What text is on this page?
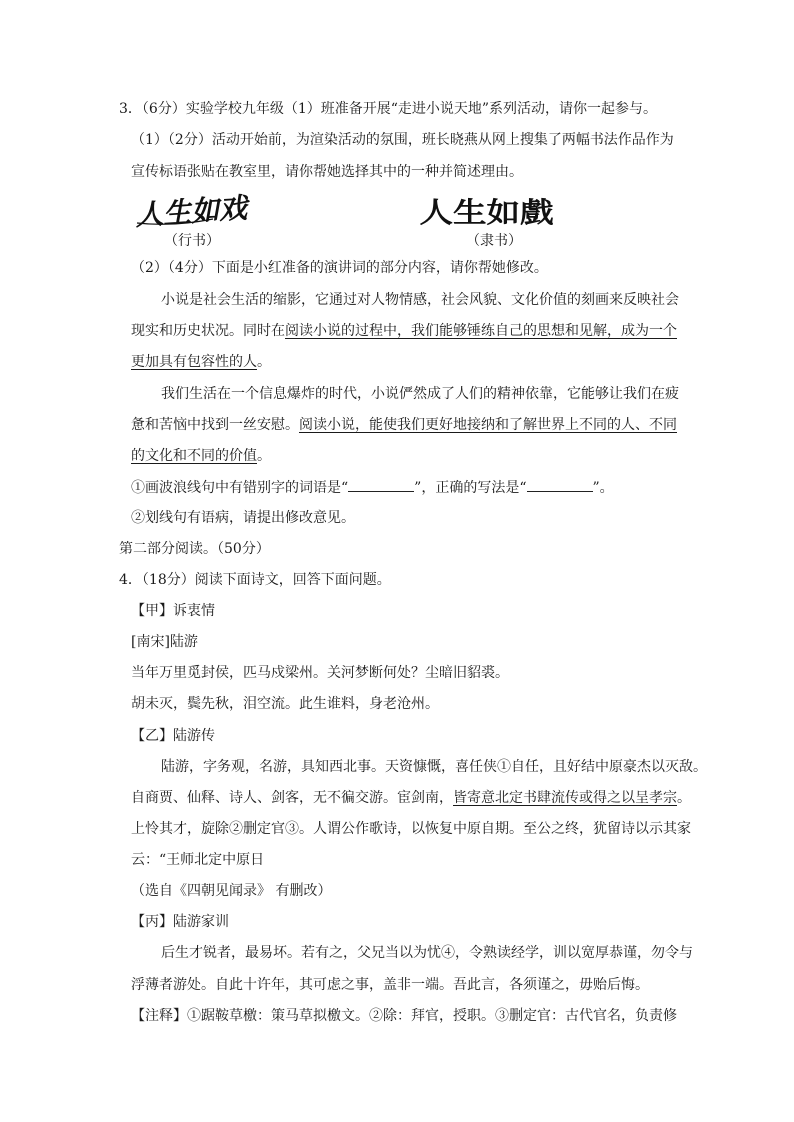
3．（6分）实验学校九年级（1）班准备开展“走进小说天地”系列活动，请你一起参与。
（1）（2分）活动开始前，为渲染活动的氛围，班长晓燕从网上搜集了两幅书法作品作为
宣传标语张贴在教室里，请你帮她选择其中的一种并简述理由。
人生如戏
（行书）
人生如戲
（隶书）
（2）（4分）下面是小红准备的演讲词的部分内容，请你帮她修改。
小说是社会生活的缩影，它通过对人物情感，社会风貌、文化价值的刻画来反映社会
现实和历史状况。同时在阅读小说的过程中，我们能够锤练自己的思想和见解，成为一个
更加具有包容性的人。
我们生活在一个信息爆炸的时代，小说俨然成了人们的精神依靠，它能够让我们在疲
惫和苦恼中找到一丝安慰。阅读小说，能使我们更好地接纳和了解世界上不同的人、不同
的文化和不同的价值。
①画波浪线句中有错别字的词语是“	”，正确的写法是“	”。
②划线句有语病，请提出修改意见。
第二部分阅读。（50分）
4．（18分）阅读下面诗文，回答下面问题。
【甲】诉衷情
[南宋]陆游
当年万里觅封侯，匹马戍梁州。关河梦断何处？尘暗旧貂裘。
胡未灭，鬓先秋，泪空流。此生谁料，身老沧州。
【乙】陆游传
陆游，字务观，名游，具知西北事。天资慷慨，喜任侠①自任，且好结中原豪杰以灭敌。
自商贾、仙释、诗人、剑客，无不徧交游。宦剑南，皆寄意北定书肆流传或得之以呈孝宗。
上怜其才，旋除②删定官③。人谓公作歌诗，以恢复中原自期。至公之终，犹留诗以示其家
云：“王师北定中原日
（选自《四朝见闻录》 有删改）
【丙】陆游家训
后生才锐者，最易坏。若有之，父兄当以为忧④，令熟读经学，训以宽厚恭谨，勿令与
浮薄者游处。自此十许年，其可虑之事，盖非一端。吾此言，各须谨之，毋贻后悔。
【注释】①踞鞍草檄：策马草拟檄文。②除：拜官，授职。③删定官：古代官名，负责修
